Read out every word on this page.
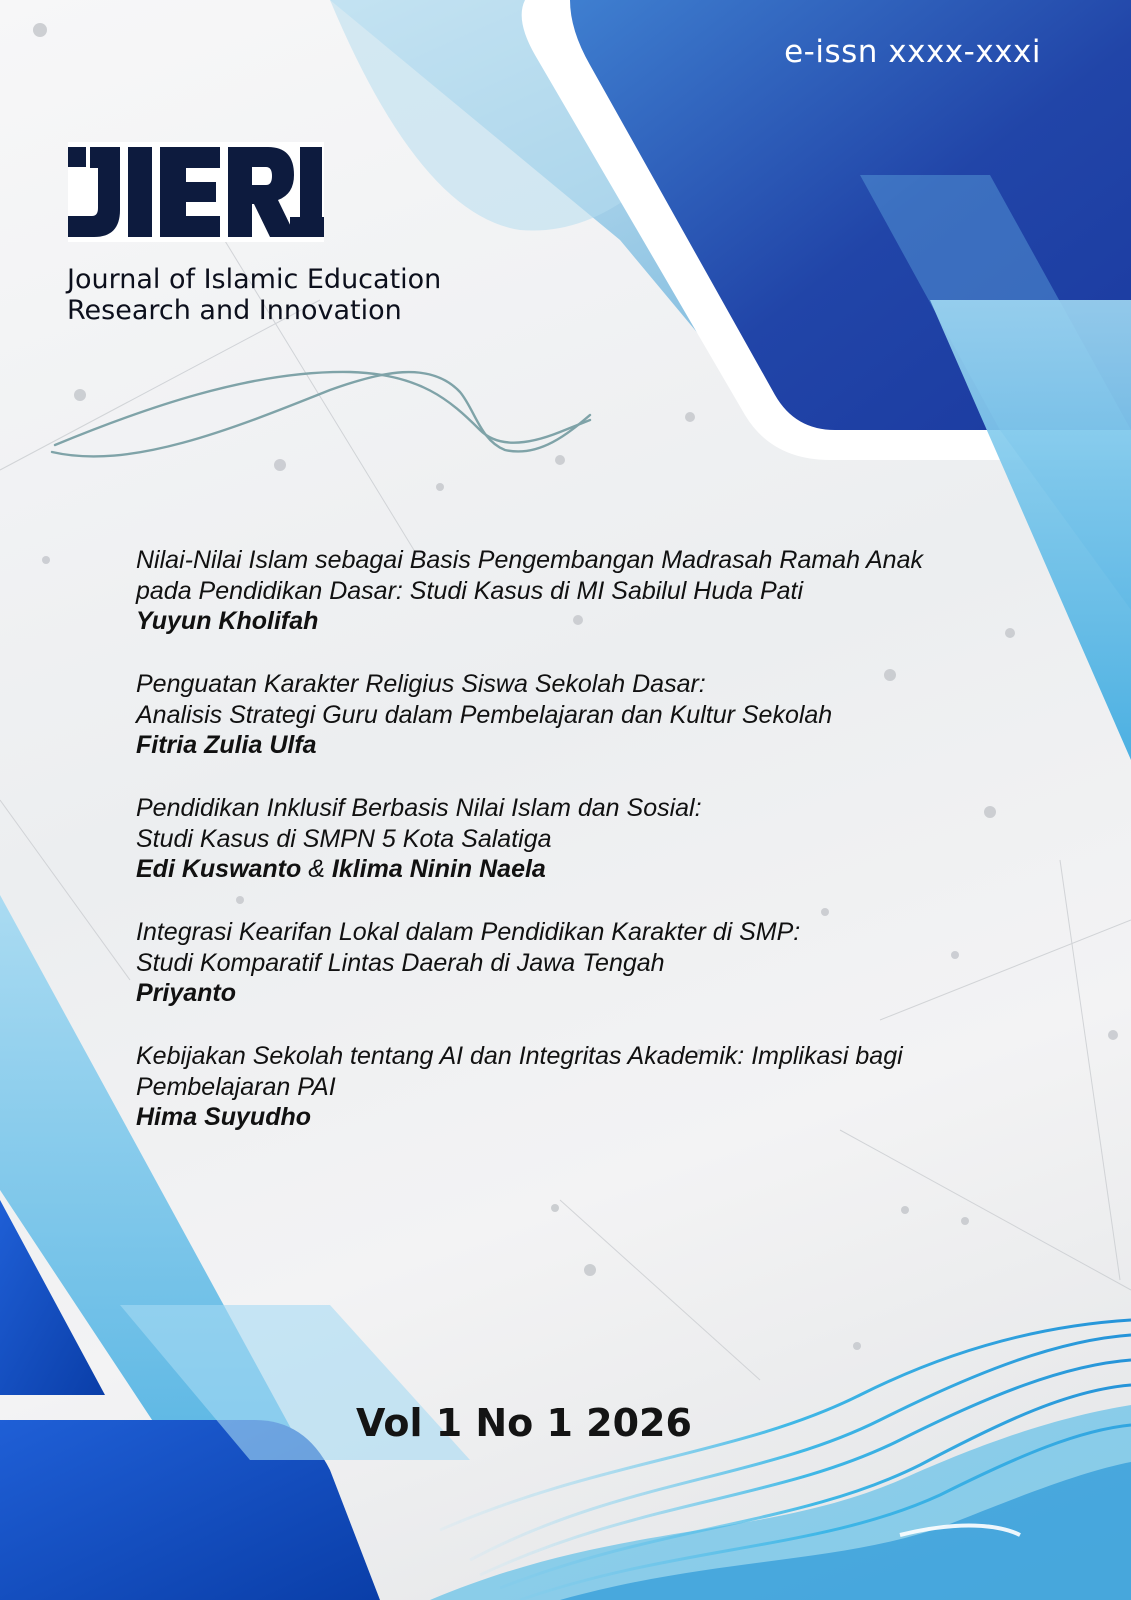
e-issn xxxx-xxxi
Journal of Islamic Education
Research and Innovation
Nilai-Nilai Islam sebagai Basis Pengembangan Madrasah Ramah Anak
pada Pendidikan Dasar: Studi Kasus di MI Sabilul Huda Pati
Yuyun Kholifah
Penguatan Karakter Religius Siswa Sekolah Dasar:
Analisis Strategi Guru dalam Pembelajaran dan Kultur Sekolah
Fitria Zulia Ulfa
Pendidikan Inklusif Berbasis Nilai Islam dan Sosial:
Studi Kasus di SMPN 5 Kota Salatiga
Edi Kuswanto & Iklima Ninin Naela
Integrasi Kearifan Lokal dalam Pendidikan Karakter di SMP:
Studi Komparatif Lintas Daerah di Jawa Tengah
Priyanto
Kebijakan Sekolah tentang AI dan Integritas Akademik: Implikasi bagi
Pembelajaran PAI
Hima Suyudho
Vol 1 No 1 2026
